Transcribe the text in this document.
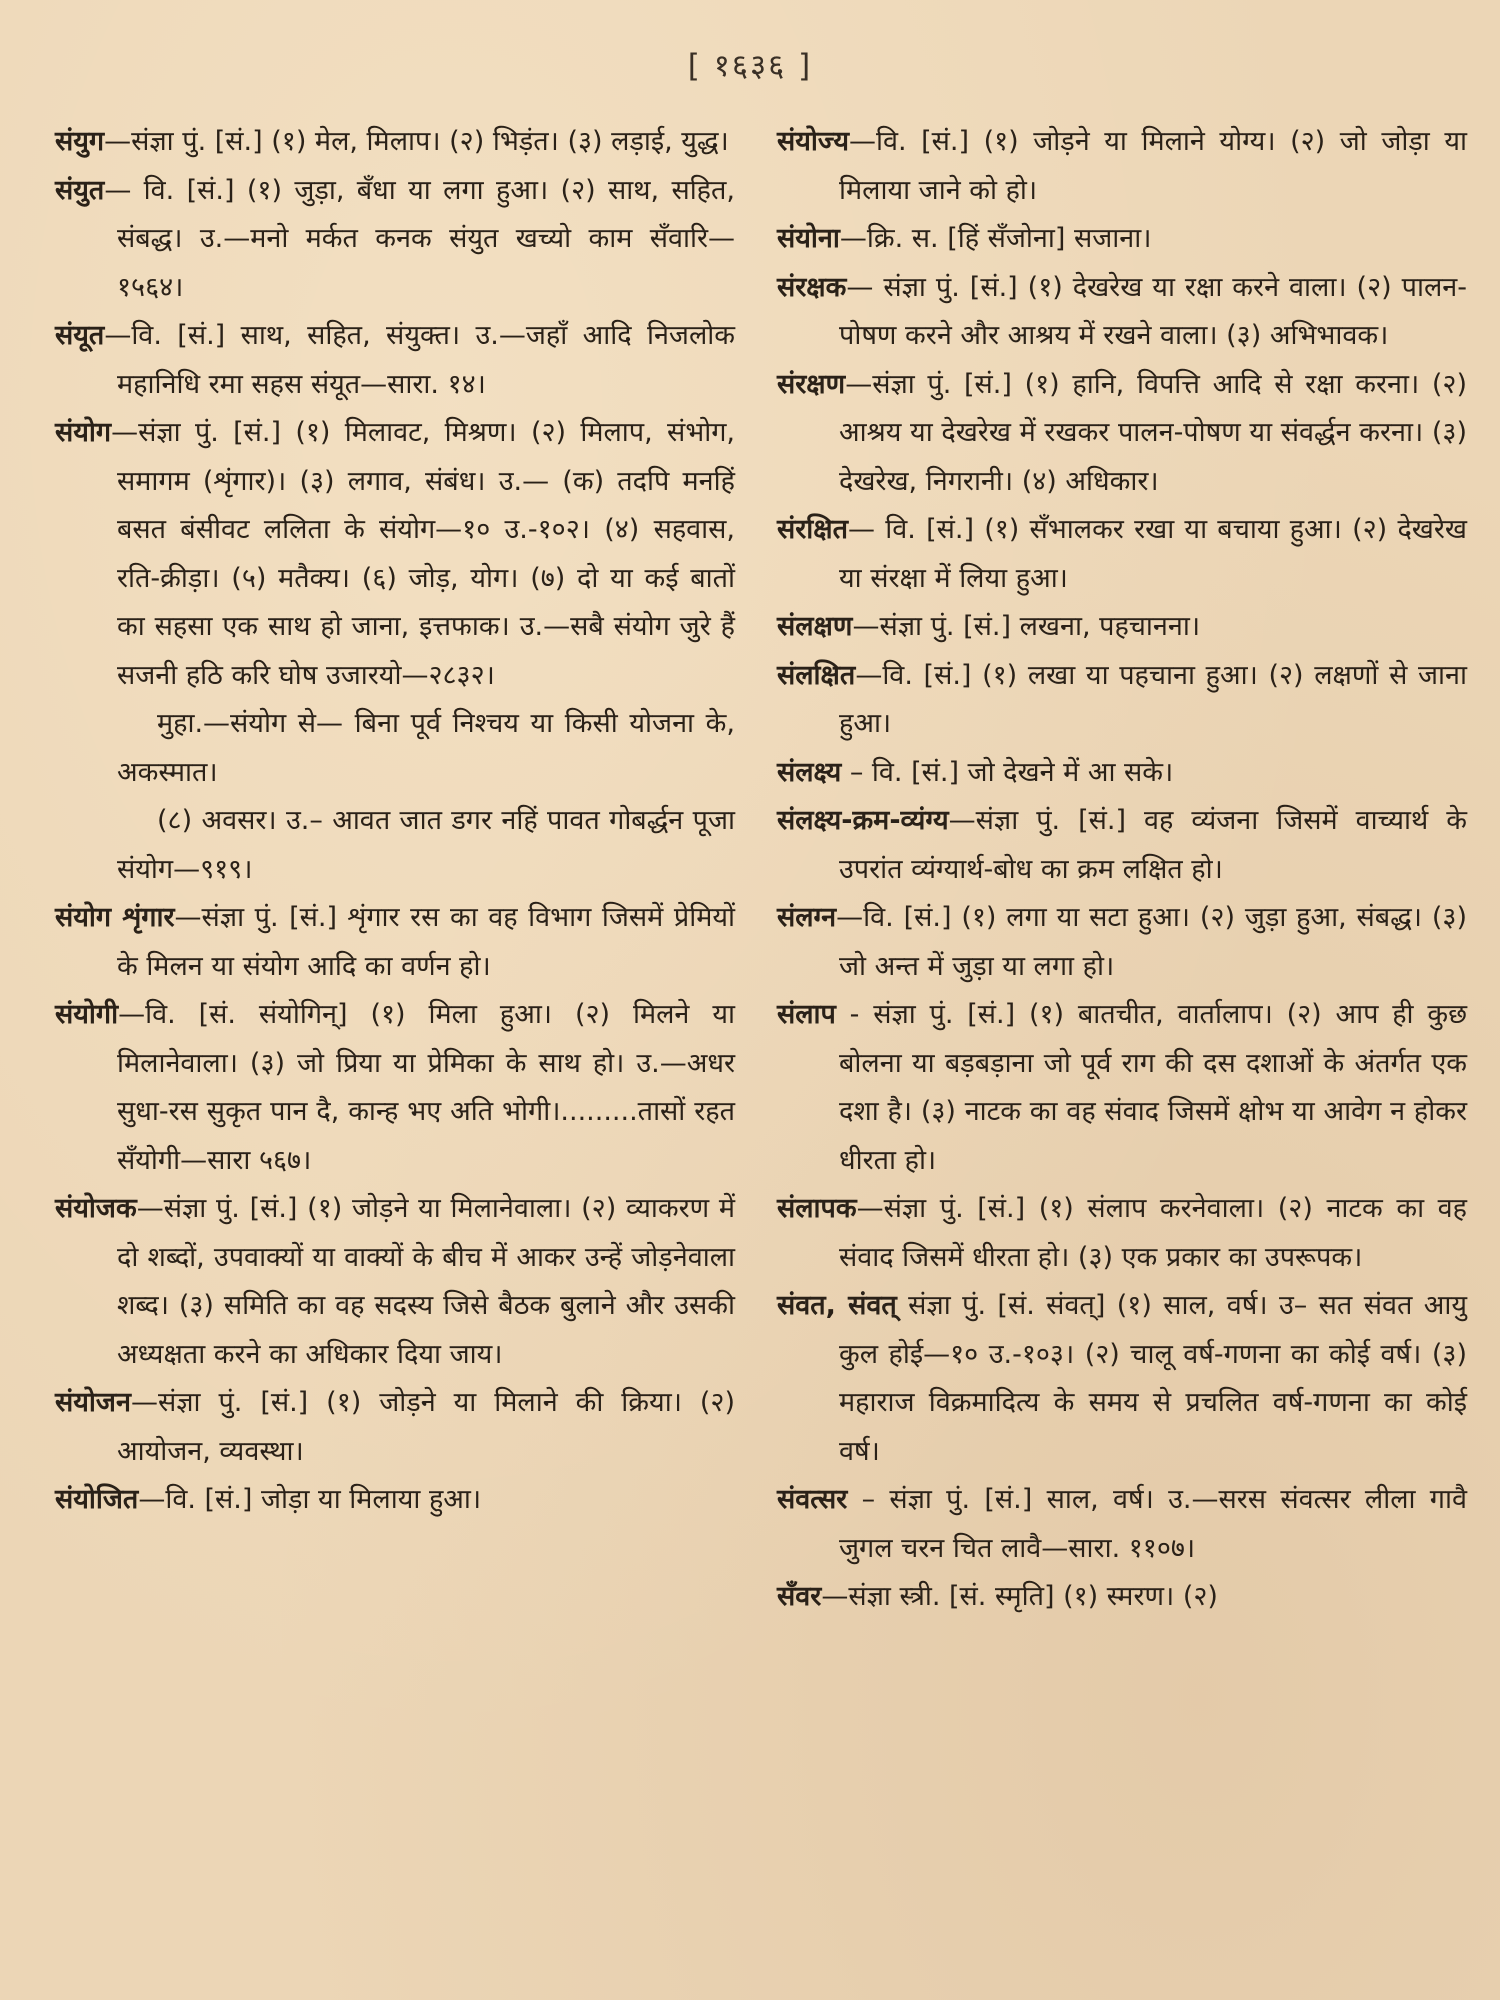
[ १६३६ ]

संयुग—संज्ञा पुं. [सं.] (१) मेल, मिलाप। (२) भिड़ंत। (३) लड़ाई, युद्ध।

संयुत— वि. [सं.] (१) जुड़ा, बँधा या लगा हुआ। (२) साथ, सहित, संबद्ध। उ.—मनो मर्कत कनक संयुत खच्यो काम सँवारि—१५६४।

संयूत—वि. [सं.] साथ, सहित, संयुक्त। उ.—जहाँ आदि निजलोक महानिधि रमा सहस संयूत—सारा. १४।

संयोग—संज्ञा पुं. [सं.] (१) मिलावट, मिश्रण। (२) मिलाप, संभोग, समागम (शृंगार)। (३) लगाव, संबंध। उ.— (क) तदपि मनहिं बसत बंसीवट ललिता के संयोग—१० उ.-१०२। (४) सहवास, रति-क्रीड़ा। (५) मतैक्य। (६) जोड़, योग। (७) दो या कई बातों का सहसा एक साथ हो जाना, इत्तफाक। उ.—सबै संयोग जुरे हैं सजनी हठि करि घोष उजारयो—२८३२।

मुहा.—संयोग से— बिना पूर्व निश्चय या किसी योजना के, अकस्मात।

(८) अवसर। उ.– आवत जात डगर नहिं पावत गोबर्द्धन पूजा संयोग—९१९।

संयोग शृंगार—संज्ञा पुं. [सं.] शृंगार रस का वह विभाग जिसमें प्रेमियों के मिलन या संयोग आदि का वर्णन हो।

संयोगी—वि. [सं. संयोगिन्] (१) मिला हुआ। (२) मिलने या मिलानेवाला। (३) जो प्रिया या प्रेमिका के साथ हो। उ.—अधर सुधा-रस सुकृत पान दै, कान्ह भए अति भोगी।.........तासों रहत सँयोगी—सारा ५६७।

संयोजक—संज्ञा पुं. [सं.] (१) जोड़ने या मिलानेवाला। (२) व्याकरण में दो शब्दों, उपवाक्यों या वाक्यों के बीच में आकर उन्हें जोड़नेवाला शब्द। (३) समिति का वह सदस्य जिसे बैठक बुलाने और उसकी अध्यक्षता करने का अधिकार दिया जाय।

संयोजन—संज्ञा पुं. [सं.] (१) जोड़ने या मिलाने की क्रिया। (२) आयोजन, व्यवस्था।

संयोजित—वि. [सं.] जोड़ा या मिलाया हुआ।

संयोज्य—वि. [सं.] (१) जोड़ने या मिलाने योग्य। (२) जो जोड़ा या मिलाया जाने को हो।

संयोना—क्रि. स. [हिं सँजोना] सजाना।

संरक्षक— संज्ञा पुं. [सं.] (१) देखरेख या रक्षा करने वाला। (२) पालन-पोषण करने और आश्रय में रखने वाला। (३) अभिभावक।

संरक्षण—संज्ञा पुं. [सं.] (१) हानि, विपत्ति आदि से रक्षा करना। (२) आश्रय या देखरेख में रखकर पालन-पोषण या संवर्द्धन करना। (३) देखरेख, निगरानी। (४) अधिकार।

संरक्षित— वि. [सं.] (१) सँभालकर रखा या बचाया हुआ। (२) देखरेख या संरक्षा में लिया हुआ।

संलक्षण—संज्ञा पुं. [सं.] लखना, पहचानना।

संलक्षित—वि. [सं.] (१) लखा या पहचाना हुआ। (२) लक्षणों से जाना हुआ।

संलक्ष्य – वि. [सं.] जो देखने में आ सके।

संलक्ष्य-क्रम-व्यंग्य—संज्ञा पुं. [सं.] वह व्यंजना जिसमें वाच्यार्थ के उपरांत व्यंग्यार्थ-बोध का क्रम लक्षित हो।

संलग्न—वि. [सं.] (१) लगा या सटा हुआ। (२) जुड़ा हुआ, संबद्ध। (३) जो अन्त में जुड़ा या लगा हो।

संलाप - संज्ञा पुं. [सं.] (१) बातचीत, वार्तालाप। (२) आप ही कुछ बोलना या बड़बड़ाना जो पूर्व राग की दस दशाओं के अंतर्गत एक दशा है। (३) नाटक का वह संवाद जिसमें क्षोभ या आवेग न होकर धीरता हो।

संलापक—संज्ञा पुं. [सं.] (१) संलाप करनेवाला। (२) नाटक का वह संवाद जिसमें धीरता हो। (३) एक प्रकार का उपरूपक।

संवत, संवत् संज्ञा पुं. [सं. संवत्] (१) साल, वर्ष। उ– सत संवत आयु कुल होई—१० उ.-१०३। (२) चालू वर्ष-गणना का कोई वर्ष। (३) महाराज विक्रमादित्य के समय से प्रचलित वर्ष-गणना का कोई वर्ष।

संवत्सर – संज्ञा पुं. [सं.] साल, वर्ष। उ.—सरस संवत्सर लीला गावै जुगल चरन चित लावै—सारा. ११०७।

सँवर—संज्ञा स्त्री. [सं. स्मृति] (१) स्मरण। (२)
